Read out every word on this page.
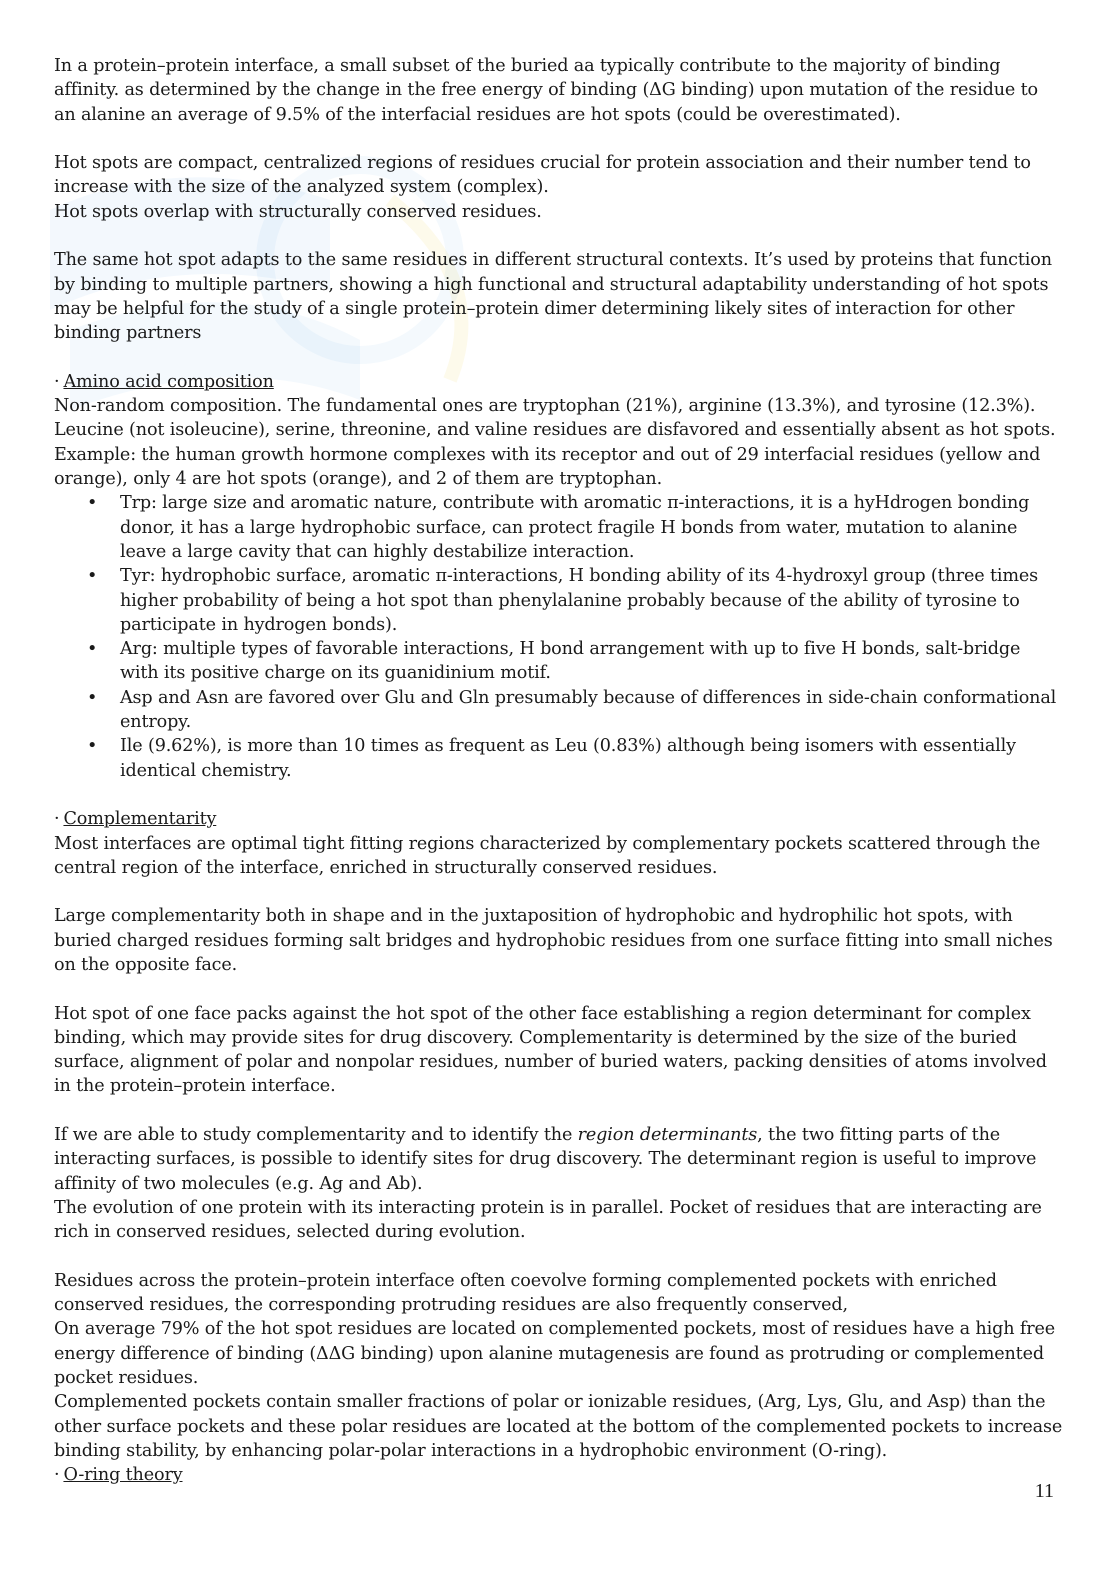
In a protein–protein interface, a small subset of the buried aa typically contribute to the majority of binding affinity. as determined by the change in the free energy of binding (ΔG binding) upon mutation of the residue to an alanine an average of 9.5% of the interfacial residues are hot spots (could be overestimated).

Hot spots are compact, centralized regions of residues crucial for protein association and their number tend to increase with the size of the analyzed system (complex).

Hot spots overlap with structurally conserved residues.

The same hot spot adapts to the same residues in different structural contexts. It’s used by proteins that function by binding to multiple partners, showing a high functional and structural adaptability understanding of hot spots may be helpful for the study of a single protein–protein dimer determining likely sites of interaction for other binding partners

· Amino acid composition

Non-random composition. The fundamental ones are tryptophan (21%), arginine (13.3%), and tyrosine (12.3%).

Leucine (not isoleucine), serine, threonine, and valine residues are disfavored and essentially absent as hot spots.

Example: the human growth hormone complexes with its receptor and out of 29 interfacial residues (yellow and orange), only 4 are hot spots (orange), and 2 of them are tryptophan.

• Trp: large size and aromatic nature, contribute with aromatic π-interactions, it is a hyHdrogen bonding donor, it has a large hydrophobic surface, can protect fragile H bonds from water, mutation to alanine leave a large cavity that can highly destabilize interaction.
• Tyr: hydrophobic surface, aromatic π-interactions, H bonding ability of its 4-hydroxyl group (three times higher probability of being a hot spot than phenylalanine probably because of the ability of tyrosine to participate in hydrogen bonds).
• Arg: multiple types of favorable interactions, H bond arrangement with up to five H bonds, salt-bridge with its positive charge on its guanidinium motif.
• Asp and Asn are favored over Glu and Gln presumably because of differences in side-chain conformational entropy.
• Ile (9.62%), is more than 10 times as frequent as Leu (0.83%) although being isomers with essentially identical chemistry.

· Complementarity

Most interfaces are optimal tight fitting regions characterized by complementary pockets scattered through the central region of the interface, enriched in structurally conserved residues.

Large complementarity both in shape and in the juxtaposition of hydrophobic and hydrophilic hot spots, with buried charged residues forming salt bridges and hydrophobic residues from one surface fitting into small niches on the opposite face.

Hot spot of one face packs against the hot spot of the other face establishing a region determinant for complex binding, which may provide sites for drug discovery. Complementarity is determined by the size of the buried surface, alignment of polar and nonpolar residues, number of buried waters, packing densities of atoms involved in the protein–protein interface.

If we are able to study complementarity and to identify the region determinants, the two fitting parts of the interacting surfaces, is possible to identify sites for drug discovery. The determinant region is useful to improve affinity of two molecules (e.g. Ag and Ab).

The evolution of one protein with its interacting protein is in parallel. Pocket of residues that are interacting are rich in conserved residues, selected during evolution.

Residues across the protein–protein interface often coevolve forming complemented pockets with enriched conserved residues, the corresponding protruding residues are also frequently conserved,

On average 79% of the hot spot residues are located on complemented pockets, most of residues have a high free energy difference of binding (ΔΔG binding) upon alanine mutagenesis are found as protruding or complemented pocket residues.

Complemented pockets contain smaller fractions of polar or ionizable residues, (Arg, Lys, Glu, and Asp) than the other surface pockets and these polar residues are located at the bottom of the complemented pockets to increase binding stability, by enhancing polar-polar interactions in a hydrophobic environment (O-ring).

· O-ring theory

11
